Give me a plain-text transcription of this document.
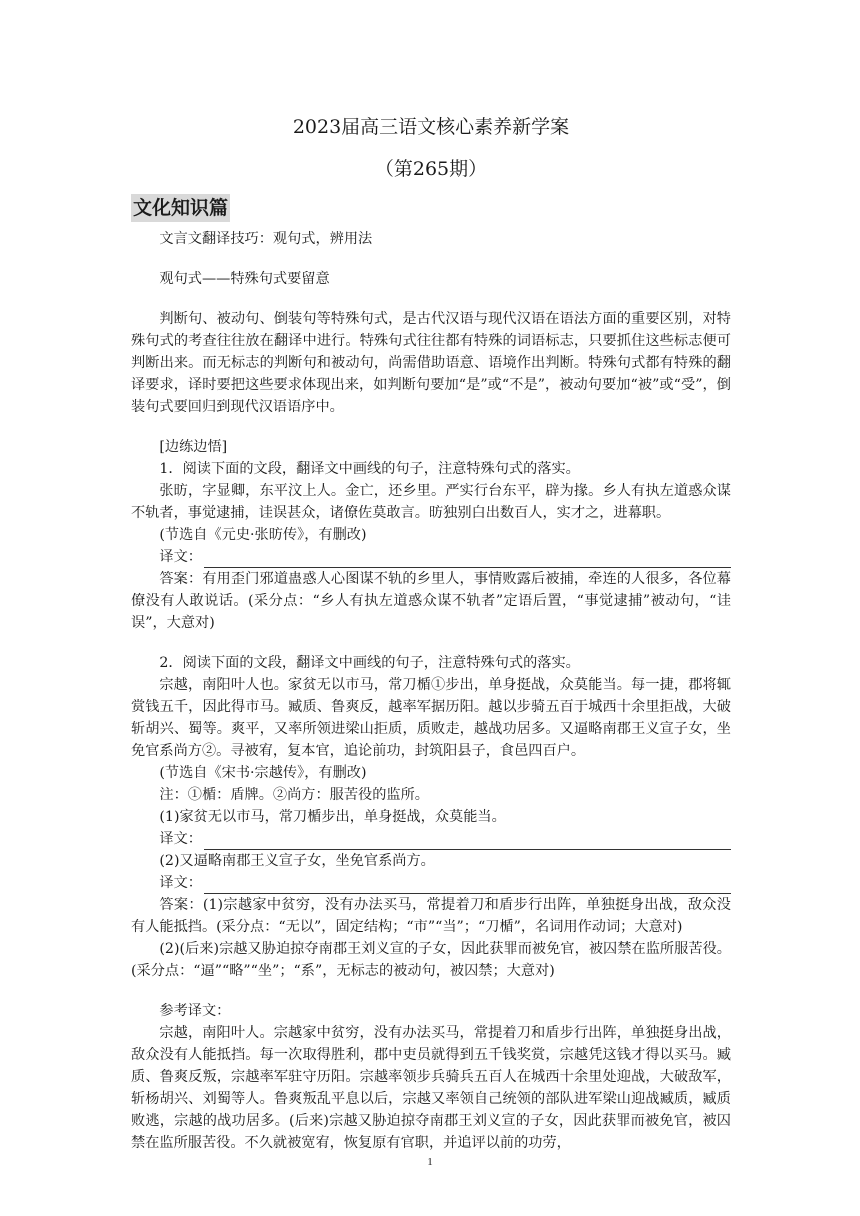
2023届高三语文核心素养新学案

（第265期）

文化知识篇

文言文翻译技巧：观句式，辨用法

观句式——特殊句式要留意

判断句、被动句、倒装句等特殊句式，是古代汉语与现代汉语在语法方面的重要区别，对特殊句式的考查往往放在翻译中进行。特殊句式往往都有特殊的词语标志，只要抓住这些标志便可判断出来。而无标志的判断句和被动句，尚需借助语意、语境作出判断。特殊句式都有特殊的翻译要求，译时要把这些要求体现出来，如判断句要加“是”或“不是”，被动句要加“被”或“受”，倒装句式要回归到现代汉语语序中。

[边练边悟]

1．阅读下面的文段，翻译文中画线的句子，注意特殊句式的落实。

张昉，字显卿，东平汶上人。金亡，还乡里。严实行台东平，辟为掾。乡人有执左道惑众谋不轨者，事觉逮捕，诖误甚众，诸僚佐莫敢言。昉独别白出数百人，实才之，进幕职。

(节选自《元史·张昉传》，有删改)

译文：

答案：有用歪门邪道蛊惑人心图谋不轨的乡里人，事情败露后被捕，牵连的人很多，各位幕僚没有人敢说话。(采分点：“乡人有执左道惑众谋不轨者”定语后置，“事觉逮捕”被动句，“诖误”，大意对)

2．阅读下面的文段，翻译文中画线的句子，注意特殊句式的落实。

宗越，南阳叶人也。家贫无以市马，常刀楯①步出，单身挺战，众莫能当。每一捷，郡将辄赏钱五千，因此得市马。臧质、鲁爽反，越率军据历阳。越以步骑五百于城西十余里拒战，大破斩胡兴、蜀等。爽平，又率所领进梁山拒质，质败走，越战功居多。又逼略南郡王义宣子女，坐免官系尚方②。寻被宥，复本官，追论前功，封筑阳县子，食邑四百户。

(节选自《宋书·宗越传》，有删改)

注：①楯：盾牌。②尚方：服苦役的监所。

(1)家贫无以市马，常刀楯步出，单身挺战，众莫能当。

译文：

(2)又逼略南郡王义宣子女，坐免官系尚方。

译文：

答案：(1)宗越家中贫穷，没有办法买马，常提着刀和盾步行出阵，单独挺身出战，敌众没有人能抵挡。(采分点：“无以”，固定结构；“市”“当”；“刀楯”，名词用作动词；大意对)

(2)(后来)宗越又胁迫掠夺南郡王刘义宣的子女，因此获罪而被免官，被囚禁在监所服苦役。(采分点：“逼”“略”“坐”；“系”，无标志的被动句，被囚禁；大意对)

参考译文：

宗越，南阳叶人。宗越家中贫穷，没有办法买马，常提着刀和盾步行出阵，单独挺身出战，敌众没有人能抵挡。每一次取得胜利，郡中吏员就得到五千钱奖赏，宗越凭这钱才得以买马。臧质、鲁爽反叛，宗越率军驻守历阳。宗越率领步兵骑兵五百人在城西十余里处迎战，大破敌军，斩杨胡兴、刘蜀等人。鲁爽叛乱平息以后，宗越又率领自己统领的部队进军梁山迎战臧质，臧质败逃，宗越的战功居多。(后来)宗越又胁迫掠夺南郡王刘义宣的子女，因此获罪而被免官，被囚禁在监所服苦役。不久就被宽宥，恢复原有官职，并追评以前的功劳，

1
